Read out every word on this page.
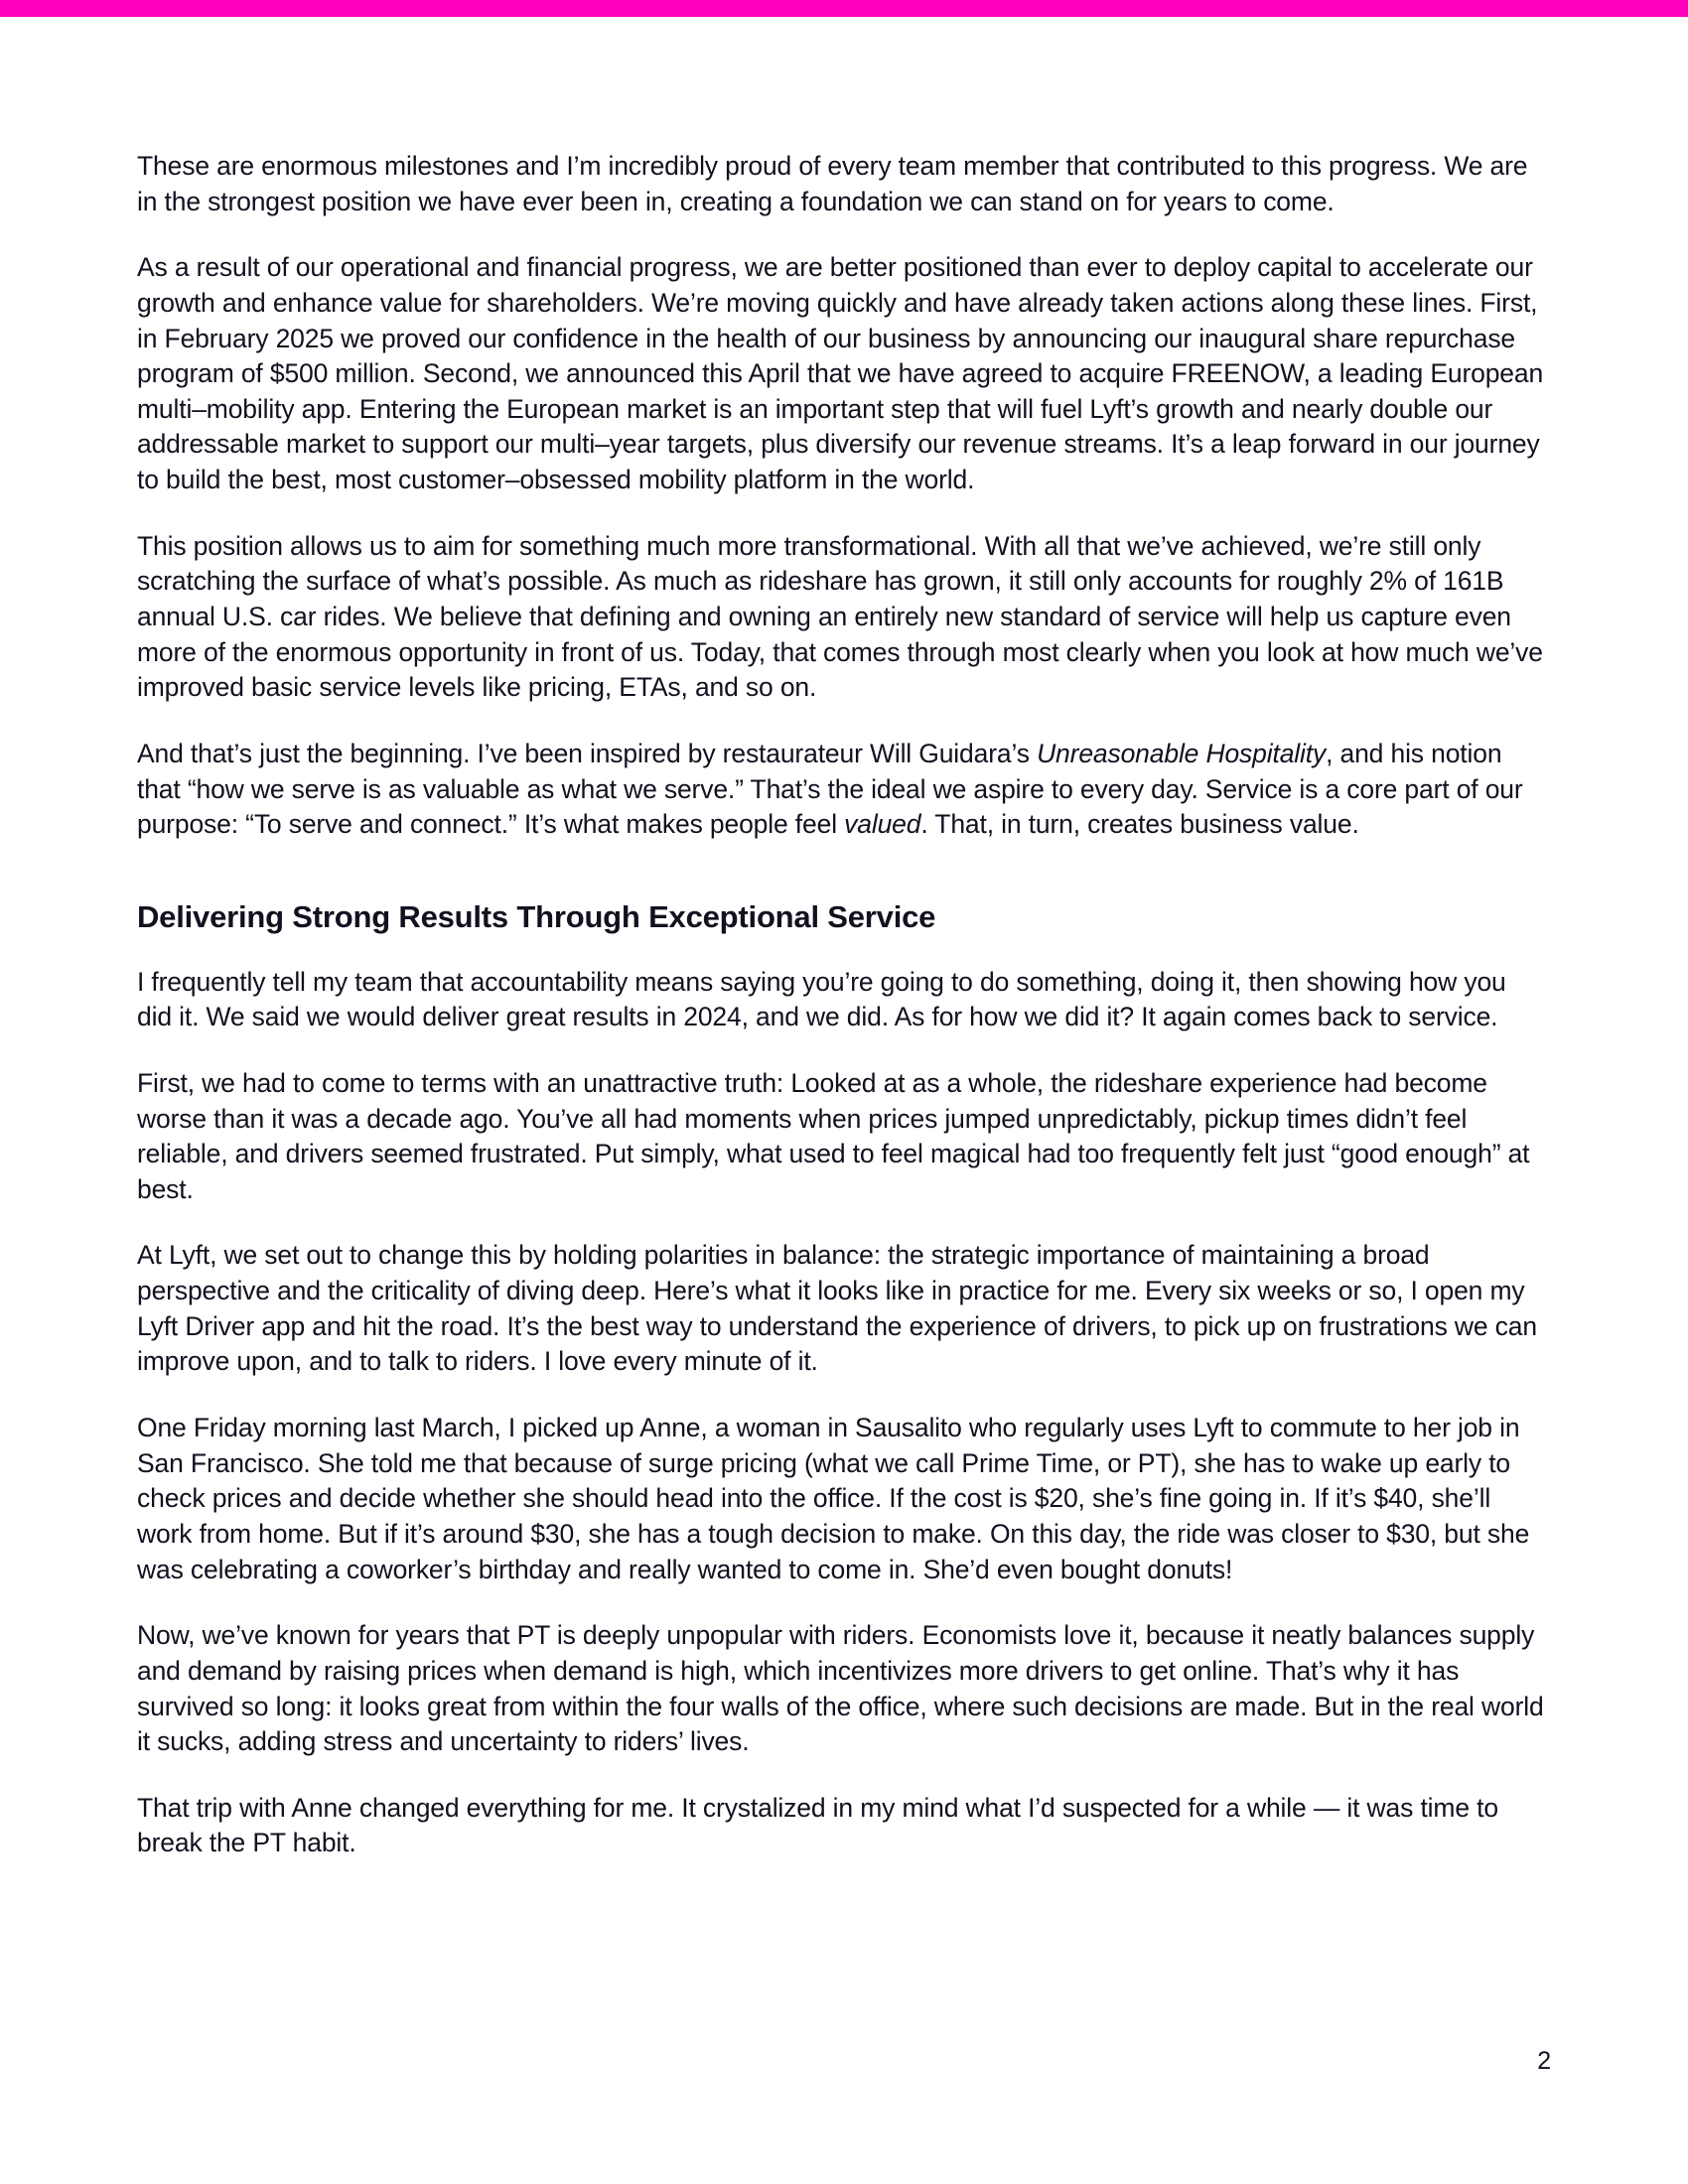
These are enormous milestones and I’m incredibly proud of every team member that contributed to this progress. We are in the strongest position we have ever been in, creating a foundation we can stand on for years to come.

As a result of our operational and financial progress, we are better positioned than ever to deploy capital to accelerate our growth and enhance value for shareholders. We’re moving quickly and have already taken actions along these lines. First, in February 2025 we proved our confidence in the health of our business by announcing our inaugural share repurchase program of $500 million. Second, we announced this April that we have agreed to acquire FREENOW, a leading European multi–mobility app. Entering the European market is an important step that will fuel Lyft’s growth and nearly double our addressable market to support our multi–year targets, plus diversify our revenue streams. It’s a leap forward in our journey to build the best, most customer–obsessed mobility platform in the world.

This position allows us to aim for something much more transformational. With all that we’ve achieved, we’re still only scratching the surface of what’s possible. As much as rideshare has grown, it still only accounts for roughly 2% of 161B annual U.S. car rides. We believe that defining and owning an entirely new standard of service will help us capture even more of the enormous opportunity in front of us. Today, that comes through most clearly when you look at how much we’ve improved basic service levels like pricing, ETAs, and so on.

And that’s just the beginning. I’ve been inspired by restaurateur Will Guidara’s Unreasonable Hospitality, and his notion that “how we serve is as valuable as what we serve.” That’s the ideal we aspire to every day. Service is a core part of our purpose: “To serve and connect.” It’s what makes people feel valued. That, in turn, creates business value.

Delivering Strong Results Through Exceptional Service

I frequently tell my team that accountability means saying you’re going to do something, doing it, then showing how you did it. We said we would deliver great results in 2024, and we did. As for how we did it? It again comes back to service.

First, we had to come to terms with an unattractive truth: Looked at as a whole, the rideshare experience had become worse than it was a decade ago. You’ve all had moments when prices jumped unpredictably, pickup times didn’t feel reliable, and drivers seemed frustrated. Put simply, what used to feel magical had too frequently felt just “good enough” at best.

At Lyft, we set out to change this by holding polarities in balance: the strategic importance of maintaining a broad perspective and the criticality of diving deep. Here’s what it looks like in practice for me. Every six weeks or so, I open my Lyft Driver app and hit the road. It’s the best way to understand the experience of drivers, to pick up on frustrations we can improve upon, and to talk to riders. I love every minute of it.

One Friday morning last March, I picked up Anne, a woman in Sausalito who regularly uses Lyft to commute to her job in San Francisco. She told me that because of surge pricing (what we call Prime Time, or PT), she has to wake up early to check prices and decide whether she should head into the office. If the cost is $20, she’s fine going in. If it’s $40, she’ll work from home. But if it’s around $30, she has a tough decision to make. On this day, the ride was closer to $30, but she was celebrating a coworker’s birthday and really wanted to come in. She’d even bought donuts!

Now, we’ve known for years that PT is deeply unpopular with riders. Economists love it, because it neatly balances supply and demand by raising prices when demand is high, which incentivizes more drivers to get online. That’s why it has survived so long: it looks great from within the four walls of the office, where such decisions are made. But in the real world it sucks, adding stress and uncertainty to riders’ lives.

That trip with Anne changed everything for me. It crystalized in my mind what I’d suspected for a while — it was time to break the PT habit.

2
